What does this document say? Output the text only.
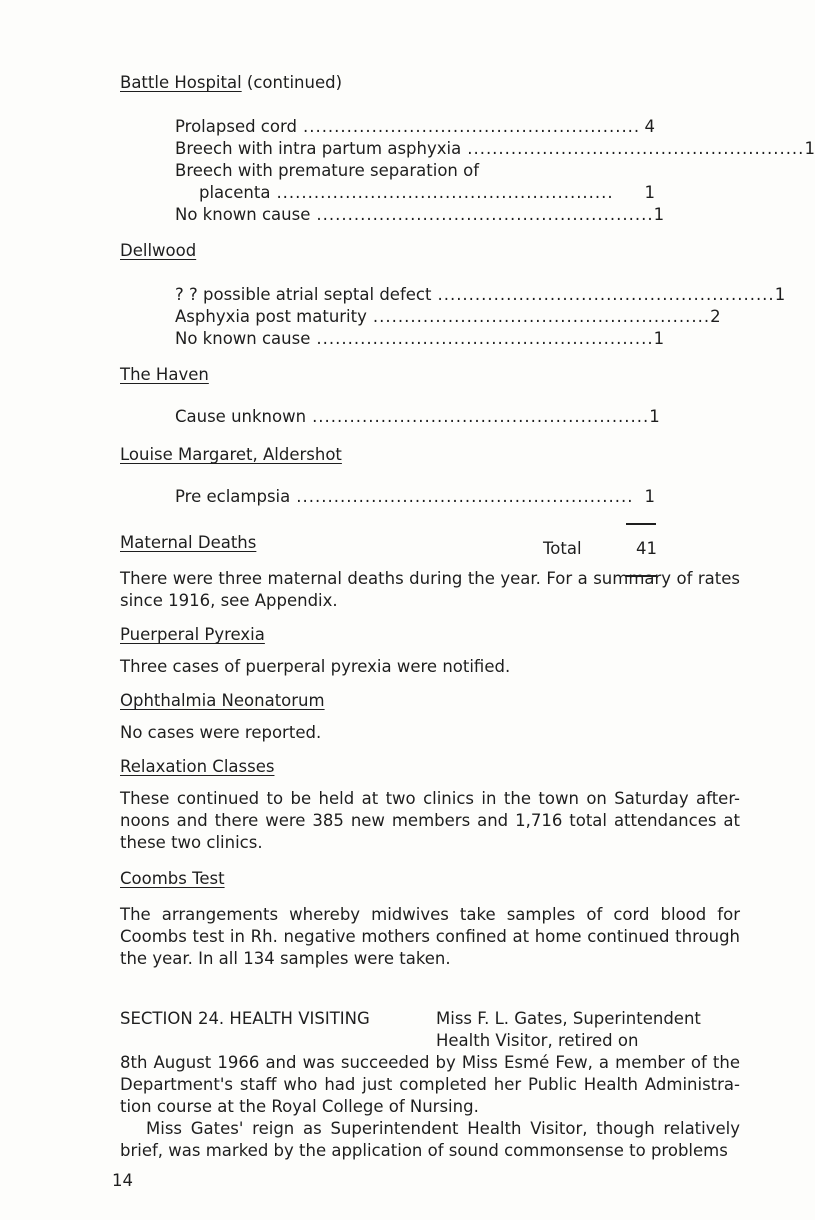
Battle Hospital (continued)
Prolapsed cord ...................................................... 4
Breech with intra partum asphyxia ...................................................... 1
Breech with premature separation of
placenta ......................................................	1
No known cause ...................................................... 1
Dellwood
? ? possible atrial septal defect ...................................................... 1
Asphyxia post maturity ...................................................... 2
No known cause ...................................................... 1
The Haven
Cause unknown ...................................................... 1
Louise Margaret, Aldershot
Pre eclampsia ...................................................... 1
Total	41
Maternal Deaths
There were three maternal deaths during the year. For a summary of rates since 1916, see Appendix.
Puerperal Pyrexia
Three cases of puerperal pyrexia were notified.
Ophthalmia Neonatorum
No cases were reported.
Relaxation Classes
These continued to be held at two clinics in the town on Saturday after- noons and there were 385 new members and 1,716 total attendances at these two clinics.
Coombs Test
The arrangements whereby midwives take samples of cord blood for Coombs test in Rh. negative mothers confined at home continued through the year. In all 134 samples were taken.
SECTION 24. HEALTH VISITING	Miss F. L. Gates, Superintendent
Health Visitor, retired on
8th August 1966 and was succeeded by Miss Esmé Few, a member of the Department's staff who had just completed her Public Health Administra- tion course at the Royal College of Nursing.
Miss Gates' reign as Superintendent Health Visitor, though relatively brief, was marked by the application of sound commonsense to problems
14
